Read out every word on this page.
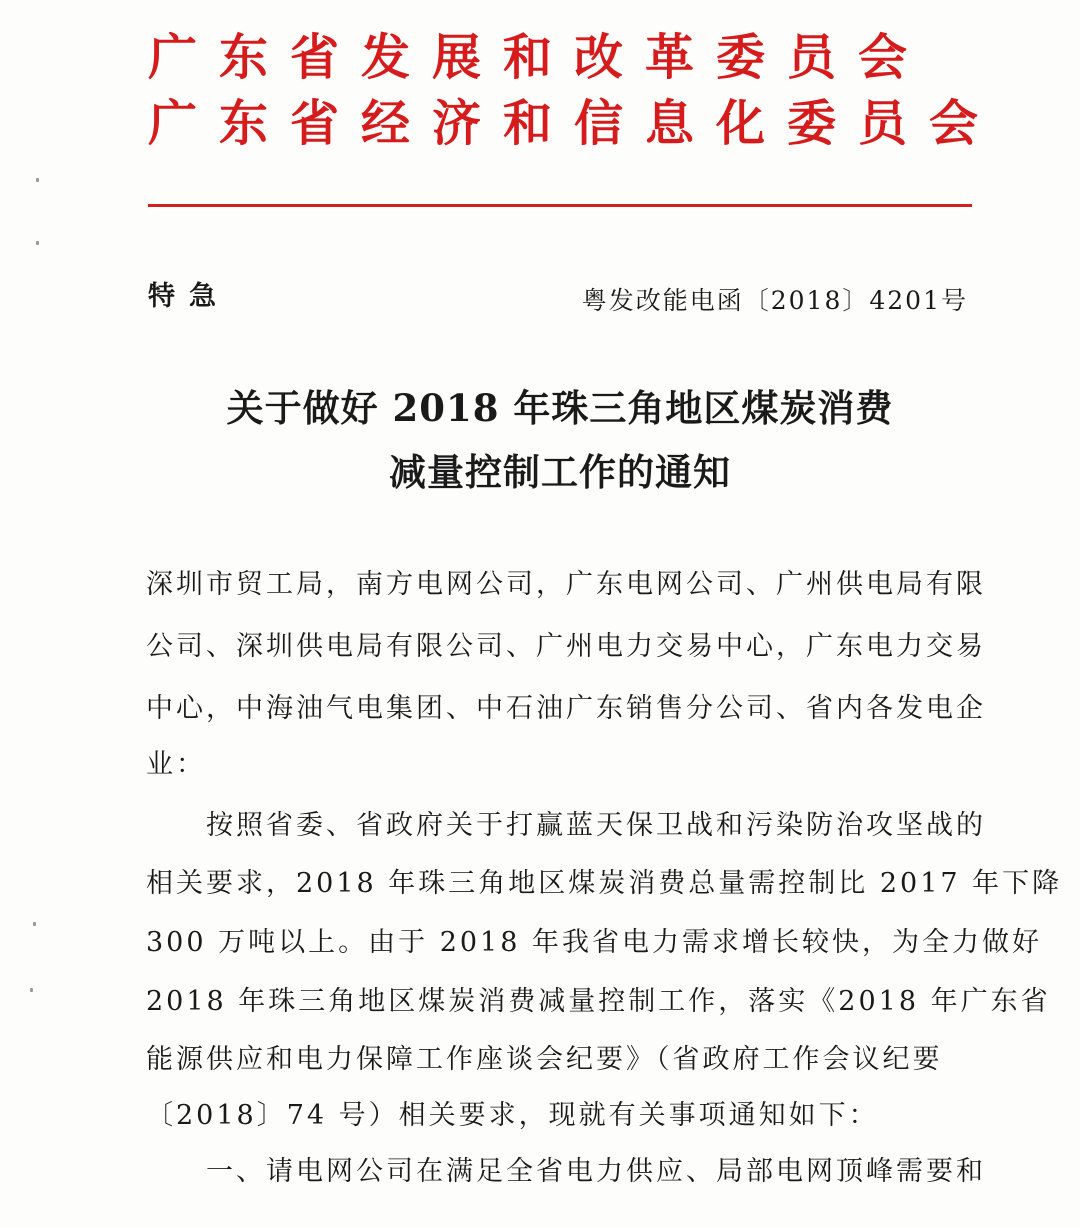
广东省发展和改革委员会
广东省经济和信息化委员会
特急	粤发改能电函〔2018〕4201号
关于做好 2018 年珠三角地区煤炭消费
减量控制工作的通知
深圳市贸工局，南方电网公司，广东电网公司、广州供电局有限
公司、深圳供电局有限公司、广州电力交易中心，广东电力交易
中心，中海油气电集团、中石油广东销售分公司、省内各发电企
业：
　　按照省委、省政府关于打赢蓝天保卫战和污染防治攻坚战的
相关要求，2018 年珠三角地区煤炭消费总量需控制比 2017 年下降
300 万吨以上。由于 2018 年我省电力需求增长较快，为全力做好
2018 年珠三角地区煤炭消费减量控制工作，落实《2018 年广东省
能源供应和电力保障工作座谈会纪要》（省政府工作会议纪要
〔2018〕74 号）相关要求，现就有关事项通知如下：
　　一、请电网公司在满足全省电力供应、局部电网顶峰需要和
